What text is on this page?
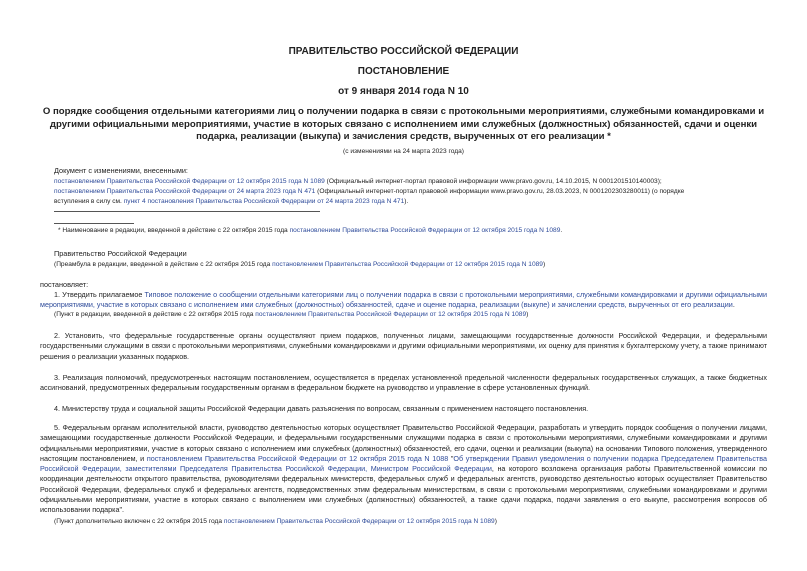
ПРАВИТЕЛЬСТВО РОССИЙСКОЙ ФЕДЕРАЦИИ
ПОСТАНОВЛЕНИЕ
от 9 января 2014 года N 10
О порядке сообщения отдельными категориями лиц о получении подарка в связи с протокольными мероприятиями, служебными командировками и другими официальными мероприятиями, участие в которых связано с исполнением ими служебных (должностных) обязанностей, сдачи и оценки подарка, реализации (выкупа) и зачисления средств, вырученных от его реализации *
(с изменениями на 24 марта 2023 года)
Документ с изменениями, внесенными:
постановлением Правительства Российской Федерации от 12 октября 2015 года N 1089 (Официальный интернет-портал правовой информации www.pravo.gov.ru, 14.10.2015, N 0001201510140003);
постановлением Правительства Российской Федерации от 24 марта 2023 года N 471 (Официальный интернет-портал правовой информации www.pravo.gov.ru, 28.03.2023, N 0001202303280011) (о порядке
вступления в силу см. пункт 4 постановления Правительства Российской Федерации от 24 марта 2023 года N 471).
* Наименование в редакции, введенной в действие с 22 октября 2015 года постановлением Правительства Российской Федерации от 12 октября 2015 года N 1089.
Правительство Российской Федерации
(Преамбула в редакции, введенной в действие с 22 октября 2015 года постановлением Правительства Российской Федерации от 12 октября 2015 года N 1089)
постановляет:
1. Утвердить прилагаемое Типовое положение о сообщении отдельными категориями лиц о получении подарка в связи с протокольными мероприятиями, служебными командировками и другими официальными мероприятиями, участие в которых связано с исполнением ими служебных (должностных) обязанностей, сдаче и оценке подарка, реализации (выкупе) и зачислении средств, вырученных от его реализации.
(Пункт в редакции, введенной в действие с 22 октября 2015 года постановлением Правительства Российской Федерации от 12 октября 2015 года N 1089)
2. Установить, что федеральные государственные органы осуществляют прием подарков, полученных лицами, замещающими государственные должности Российской Федерации, и федеральными государственными служащими в связи с протокольными мероприятиями, служебными командировками и другими официальными мероприятиями, их оценку для принятия к бухгалтерскому учету, а также принимают решения о реализации указанных подарков.
3. Реализация полномочий, предусмотренных настоящим постановлением, осуществляется в пределах установленной предельной численности федеральных государственных служащих, а также бюджетных ассигнований, предусмотренных федеральным государственным органам в федеральном бюджете на руководство и управление в сфере установленных функций.
4. Министерству труда и социальной защиты Российской Федерации давать разъяснения по вопросам, связанным с применением настоящего постановления.
5. Федеральным органам исполнительной власти, руководство деятельностью которых осуществляет Правительство Российской Федерации, разработать и утвердить порядок сообщения о получении лицами, замещающими государственные должности Российской Федерации, и федеральными государственными служащими подарка в связи с протокольными мероприятиями, служебными командировками и другими официальными мероприятиями, участие в которых связано с исполнением ими служебных (должностных) обязанностей, его сдачи, оценки и реализации (выкупа) на основании Типового положения, утвержденного настоящим постановлением, и постановлением Правительства Российской Федерации от 12 октября 2015 года N 1088 "Об утверждении Правил уведомления о получении подарка Председателем Правительства Российской Федерации, заместителями Председателя Правительства Российской Федерации, Министром Российской Федерации, на которого возложена организация работы Правительственной комиссии по координации деятельности открытого правительства, руководителями федеральных министерств, федеральных служб и федеральных агентств, руководство деятельностью которых осуществляет Правительство Российской Федерации, федеральных служб и федеральных агентств, подведомственных этим федеральным министерствам, в связи с протокольными мероприятиями, служебными командировками и другими официальными мероприятиями, участие в которых связано с выполнением ими служебных (должностных) обязанностей, а также сдачи подарка, подачи заявления о его выкупе, рассмотрения вопросов об использовании подарка".
(Пункт дополнительно включен с 22 октября 2015 года постановлением Правительства Российской Федерации от 12 октября 2015 года N 1089)
